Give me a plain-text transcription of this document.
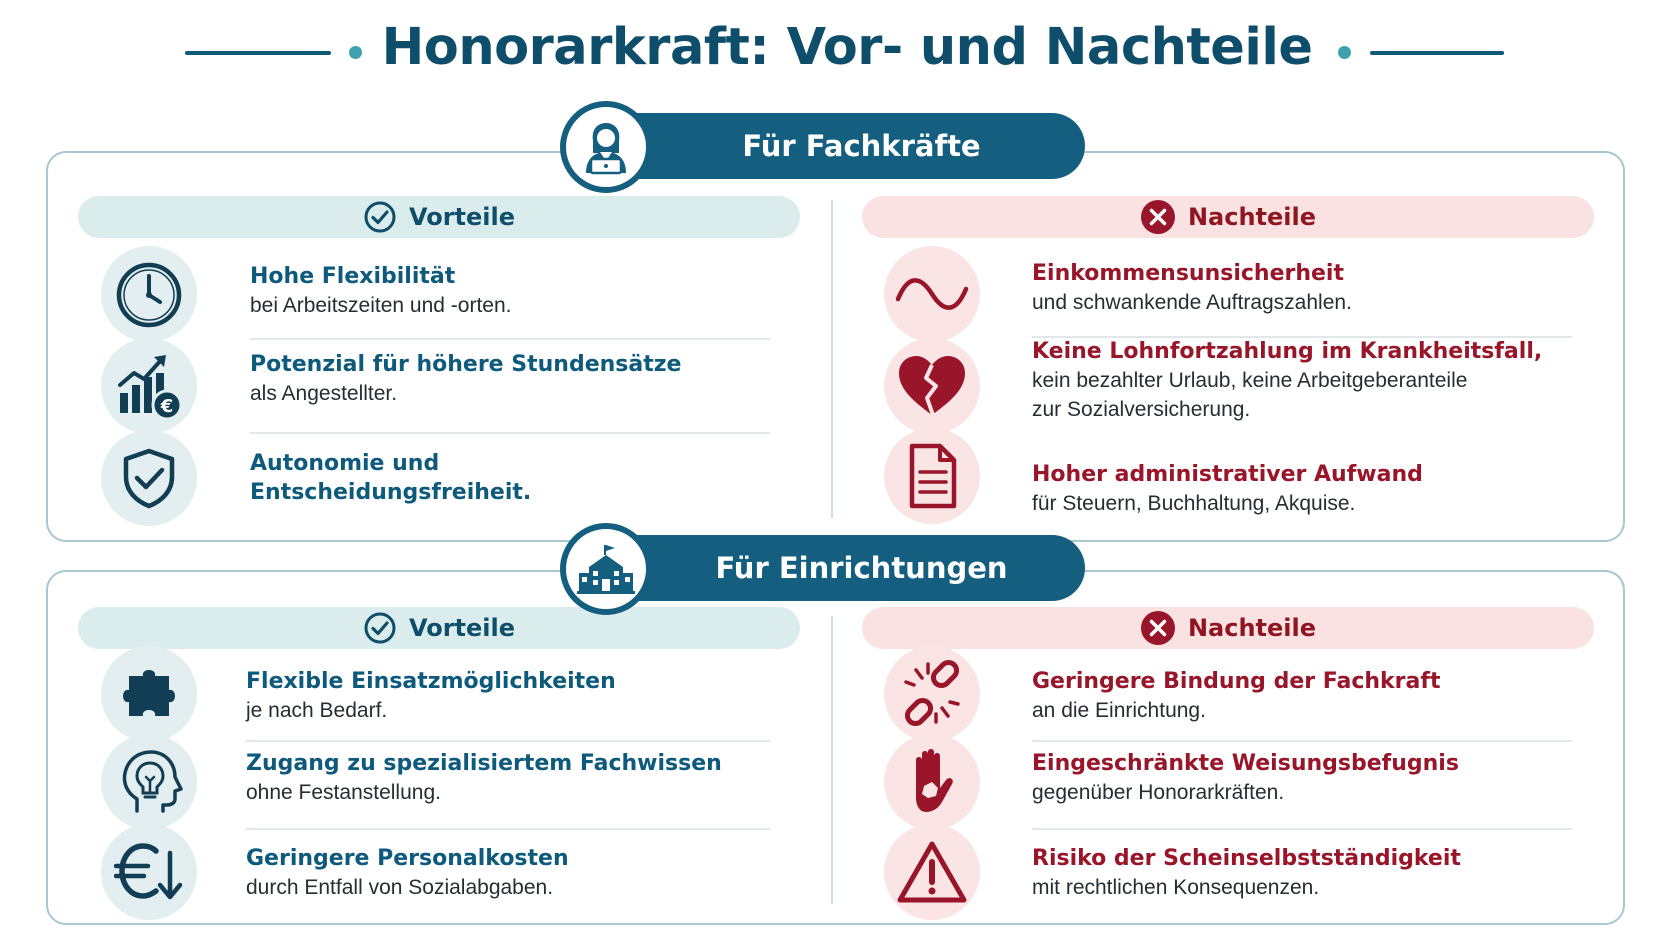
Honorarkraft: Vor- und Nachteile
Für Fachkräfte
Vorteile	Nachteile
Hohe Flexibilität
bei Arbeitszeiten und -orten.
€
Potenzial für höhere Stundensätze
als Angestellter.
Autonomie und
Entscheidungsfreiheit.
Einkommensunsicherheit
und schwankende Auftragszahlen.
Keine Lohnfortzahlung im Krankheitsfall,
kein bezahlter Urlaub, keine Arbeitgeberanteile
zur Sozialversicherung.
Hoher administrativer Aufwand
für Steuern, Buchhaltung, Akquise.
Für Einrichtungen
Vorteile	Nachteile
Flexible Einsatzmöglichkeiten
je nach Bedarf.
Zugang zu spezialisiertem Fachwissen
ohne Festanstellung.
Geringere Personalkosten
durch Entfall von Sozialabgaben.
Geringere Bindung der Fachkraft
an die Einrichtung.
Eingeschränkte Weisungsbefugnis
gegenüber Honorarkräften.
Risiko der Scheinselbstständigkeit
mit rechtlichen Konsequenzen.
